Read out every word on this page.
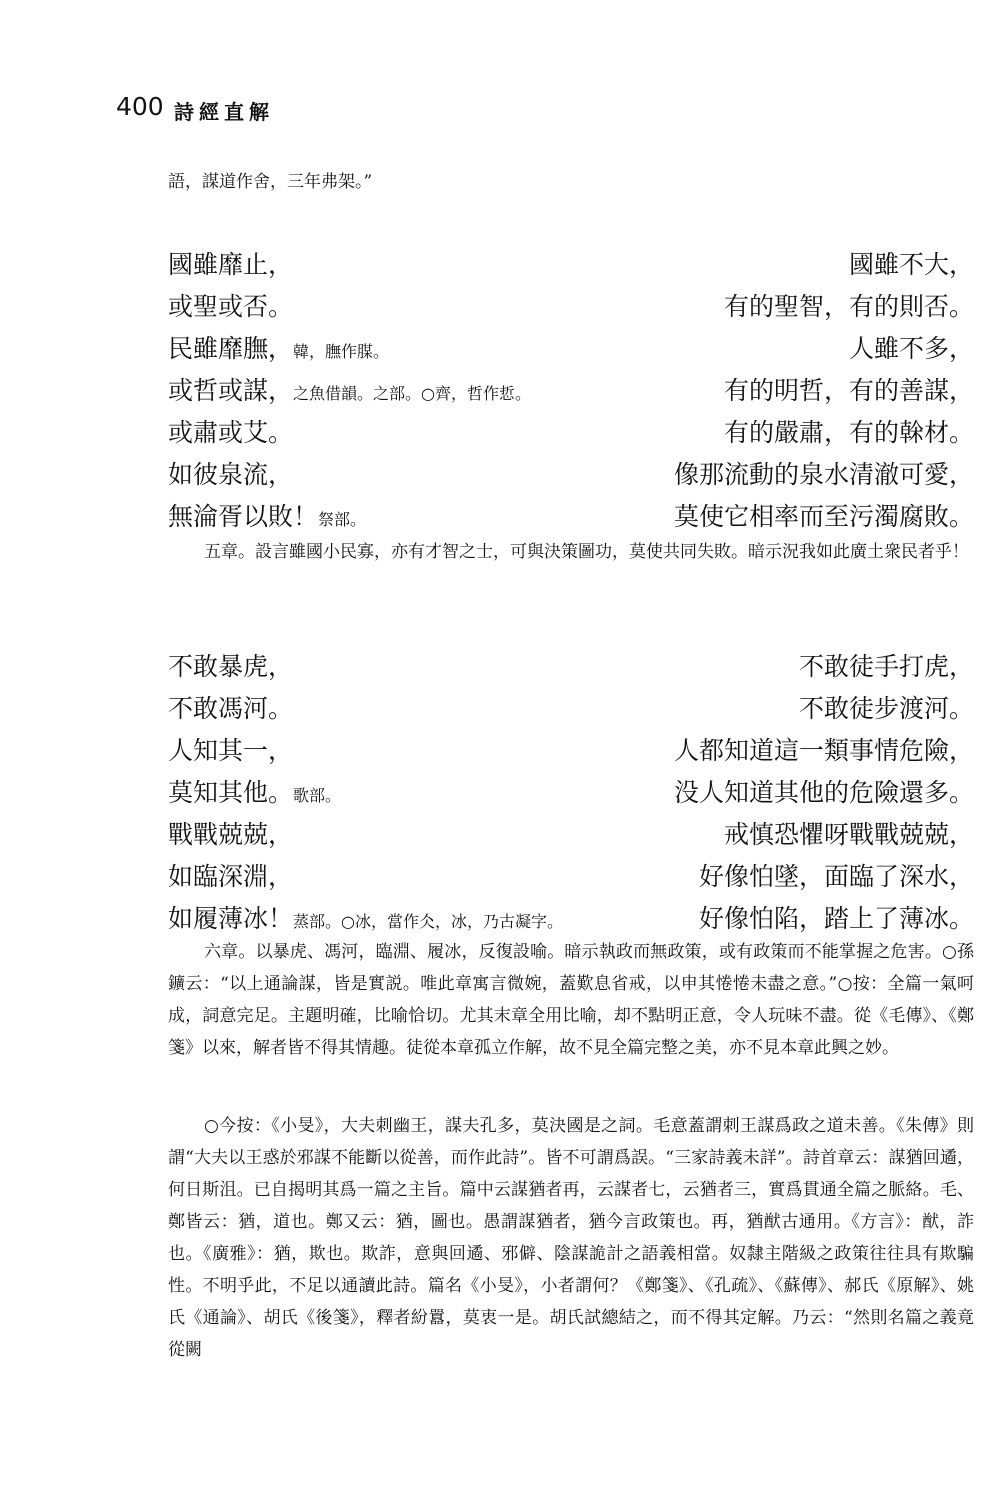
400 詩經直解
語，謀道作舍，三年弗架。”
國雖靡止，	國雖不大，
或聖或否。	有的聖智，有的則否。
民雖靡膴，韓，膴作腜。	人雖不多，
或哲或謀，之魚借韻。之部。○齊，哲作悊。	有的明哲，有的善謀，
或肅或艾。	有的嚴肅，有的榦材。
如彼泉流，	像那流動的泉水清澈可愛，
無淪胥以敗！祭部。	莫使它相率而至污濁腐敗。
五章。設言雖國小民寡，亦有才智之士，可與決策圖功，莫使共同失敗。暗示況我如此廣土衆民者乎！
不敢暴虎，	不敢徒手打虎，
不敢馮河。	不敢徒步渡河。
人知其一，	人都知道這一類事情危險，
莫知其他。歌部。	没人知道其他的危險還多。
戰戰兢兢，	戒慎恐懼呀戰戰兢兢，
如臨深淵，	好像怕墜，面臨了深水，
如履薄冰！蒸部。○冰，當作仌，冰，乃古凝字。	好像怕陷，踏上了薄冰。
六章。以暴虎、馮河，臨淵、履冰，反復設喻。暗示執政而無政策，或有政策而不能掌握之危害。○孫鑛云：“以上通論謀，皆是實説。唯此章寓言微婉，蓋歎息省戒，以申其惓惓未盡之意。”○按：全篇一氣呵成，詞意完足。主題明確，比喻恰切。尤其末章全用比喻，却不點明正意，令人玩味不盡。從《毛傳》、《鄭箋》以來，解者皆不得其情趣。徒從本章孤立作解，故不見全篇完整之美，亦不見本章此興之妙。
○今按：《小旻》，大夫刺幽王，謀夫孔多，莫決國是之詞。毛意蓋謂刺王謀爲政之道未善。《朱傳》則謂“大夫以王惑於邪謀不能斷以從善，而作此詩”。皆不可謂爲誤。“三家詩義未詳”。詩首章云：謀猶回遹，何日斯沮。已自揭明其爲一篇之主旨。篇中云謀猶者再，云謀者七，云猶者三，實爲貫通全篇之脈絡。毛、鄭皆云：猶，道也。鄭又云：猶，圖也。愚謂謀猶者，猶今言政策也。再，猶猷古通用。《方言》：猷，詐也。《廣雅》：猶，欺也。欺詐，意與回遹、邪僻、陰謀詭計之語義相當。奴隸主階級之政策往往具有欺騙性。不明乎此，不足以通讀此詩。篇名《小旻》，小者謂何？《鄭箋》、《孔疏》、《蘇傳》、郝氏《原解》、姚氏《通論》、胡氏《後箋》，釋者紛囂，莫衷一是。胡氏試總結之，而不得其定解。乃云：“然則名篇之義竟從闕
